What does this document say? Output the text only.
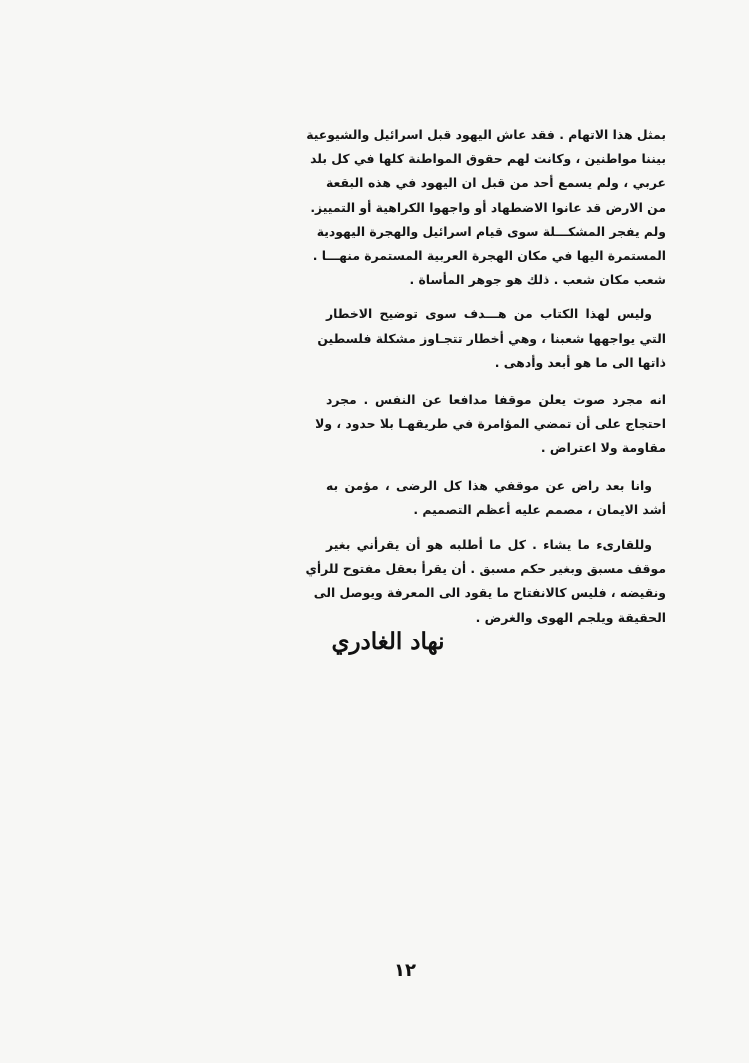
بمثل هذا الاتهام . فقد عاش اليهود قبل اسرائيل والشيوعية
بيننا مواطنين ، وكانت لهم حقوق المواطنة كلها في كل بلد
عربي ، ولم يسمع أحد من قبل ان اليهود في هذه البقعة
من الارض قد عانوا الاضطهاد أو واجهوا الكراهية أو التمييز.
ولم يفجر المشكـــلة سوى قيام اسرائيل والهجرة اليهودية
المستمرة اليها في مكان الهجرة العربية المستمرة منهـــا .
شعب مكان شعب . ذلك هو جوهر المأساة .

وليس لهذا الكتاب من هـــدف سوى توضيح الاخطار
التي يواجهها شعبنا ، وهي أخطار تتجـاوز مشكلة فلسطين
ذاتها الى ما هو أبعد وأدهى .

انه مجرد صوت يعلن موقفا مدافعا عن النفس . مجرد
احتجاج على أن تمضي المؤامرة في طريقهـا بلا حدود ، ولا
مقاومة ولا اعتراض .

وانا بعد راض عن موقفي هذا كل الرضى ، مؤمن به
أشد الايمان ، مصمم عليه أعظم التصميم .

وللقارىء ما يشاء . كل ما أطلبه هو أن يقرأني بغير
موقف مسبق وبغير حكم مسبق . أن يقرأ بعقل مفتوح للرأي
ونقيضه ، فليس كالانفتاح ما يقود الى المعرفة ويوصل الى
الحقيقة ويلجم الهوى والغرض .

نهاد الغادري
١٢
